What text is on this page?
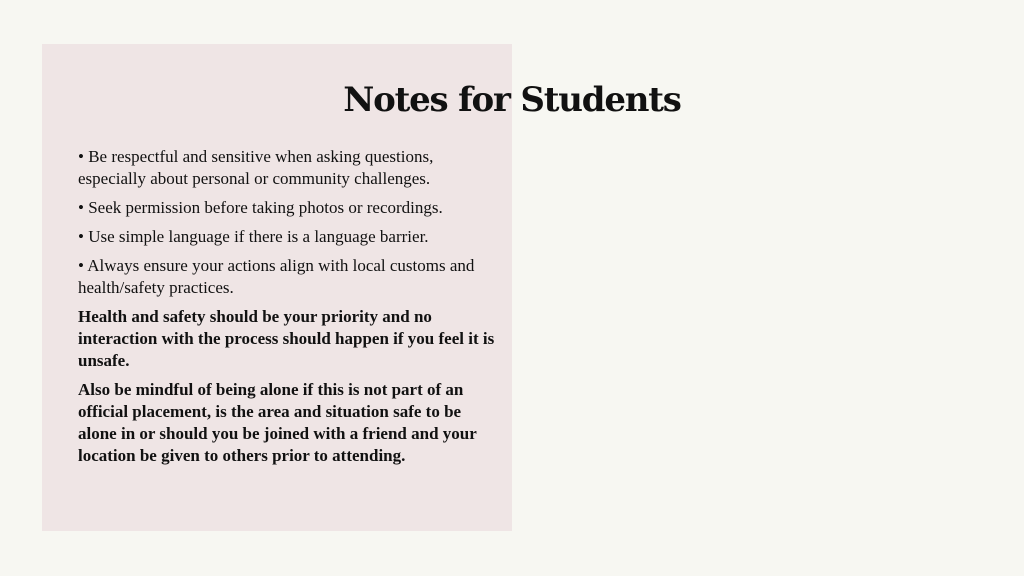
Notes for Students

• Be respectful and sensitive when asking questions, especially about personal or community challenges.

• Seek permission before taking photos or recordings.

• Use simple language if there is a language barrier.

• Always ensure your actions align with local customs and health/safety practices.

Health and safety should be your priority and no interaction with the process should happen if you feel it is unsafe.

Also be mindful of being alone if this is not part of an official placement, is the area and situation safe to be alone in or should you be joined with a friend and your location be given to others prior to attending.
